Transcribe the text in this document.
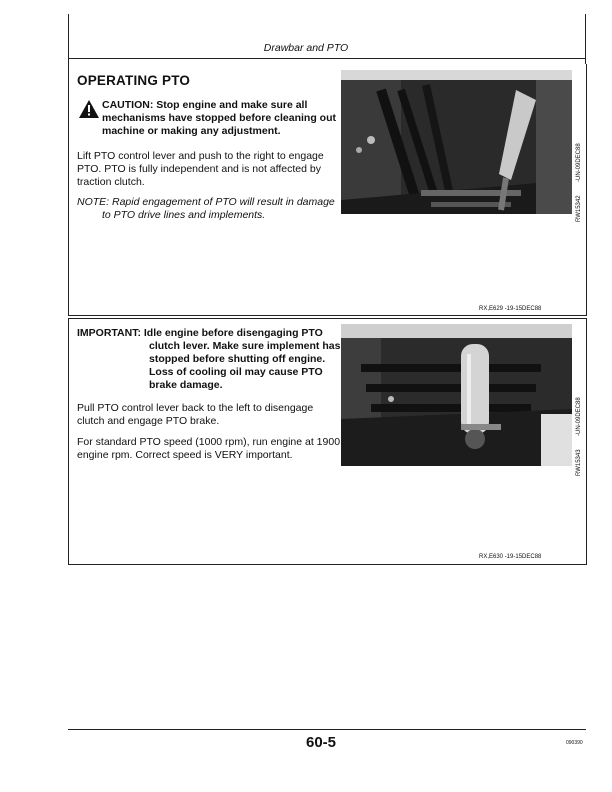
Drawbar and PTO
OPERATING PTO
CAUTION: Stop engine and make sure all
mechanisms have stopped before cleaning out
machine or making any adjustment.
Lift PTO control lever and push to the right to engage
PTO. PTO is fully independent and is not affected by
traction clutch.
NOTE: Rapid engagement of PTO will result in damage
to PTO drive lines and implements.	RW15342
-UN-09DEC88
RX,E629 -19-15DEC88
IMPORTANT: Idle engine before disengaging PTO
clutch lever. Make sure implement has
stopped before shutting off engine.
Loss of cooling oil may cause PTO
brake damage.
Pull PTO control lever back to the left to disengage
clutch and engage PTO brake.
For standard PTO speed (1000 rpm), run engine at 1900
engine rpm. Correct speed is VERY important.	RW15343
-UN-09DEC88
RX,E630 -19-15DEC88
60-5	090390
